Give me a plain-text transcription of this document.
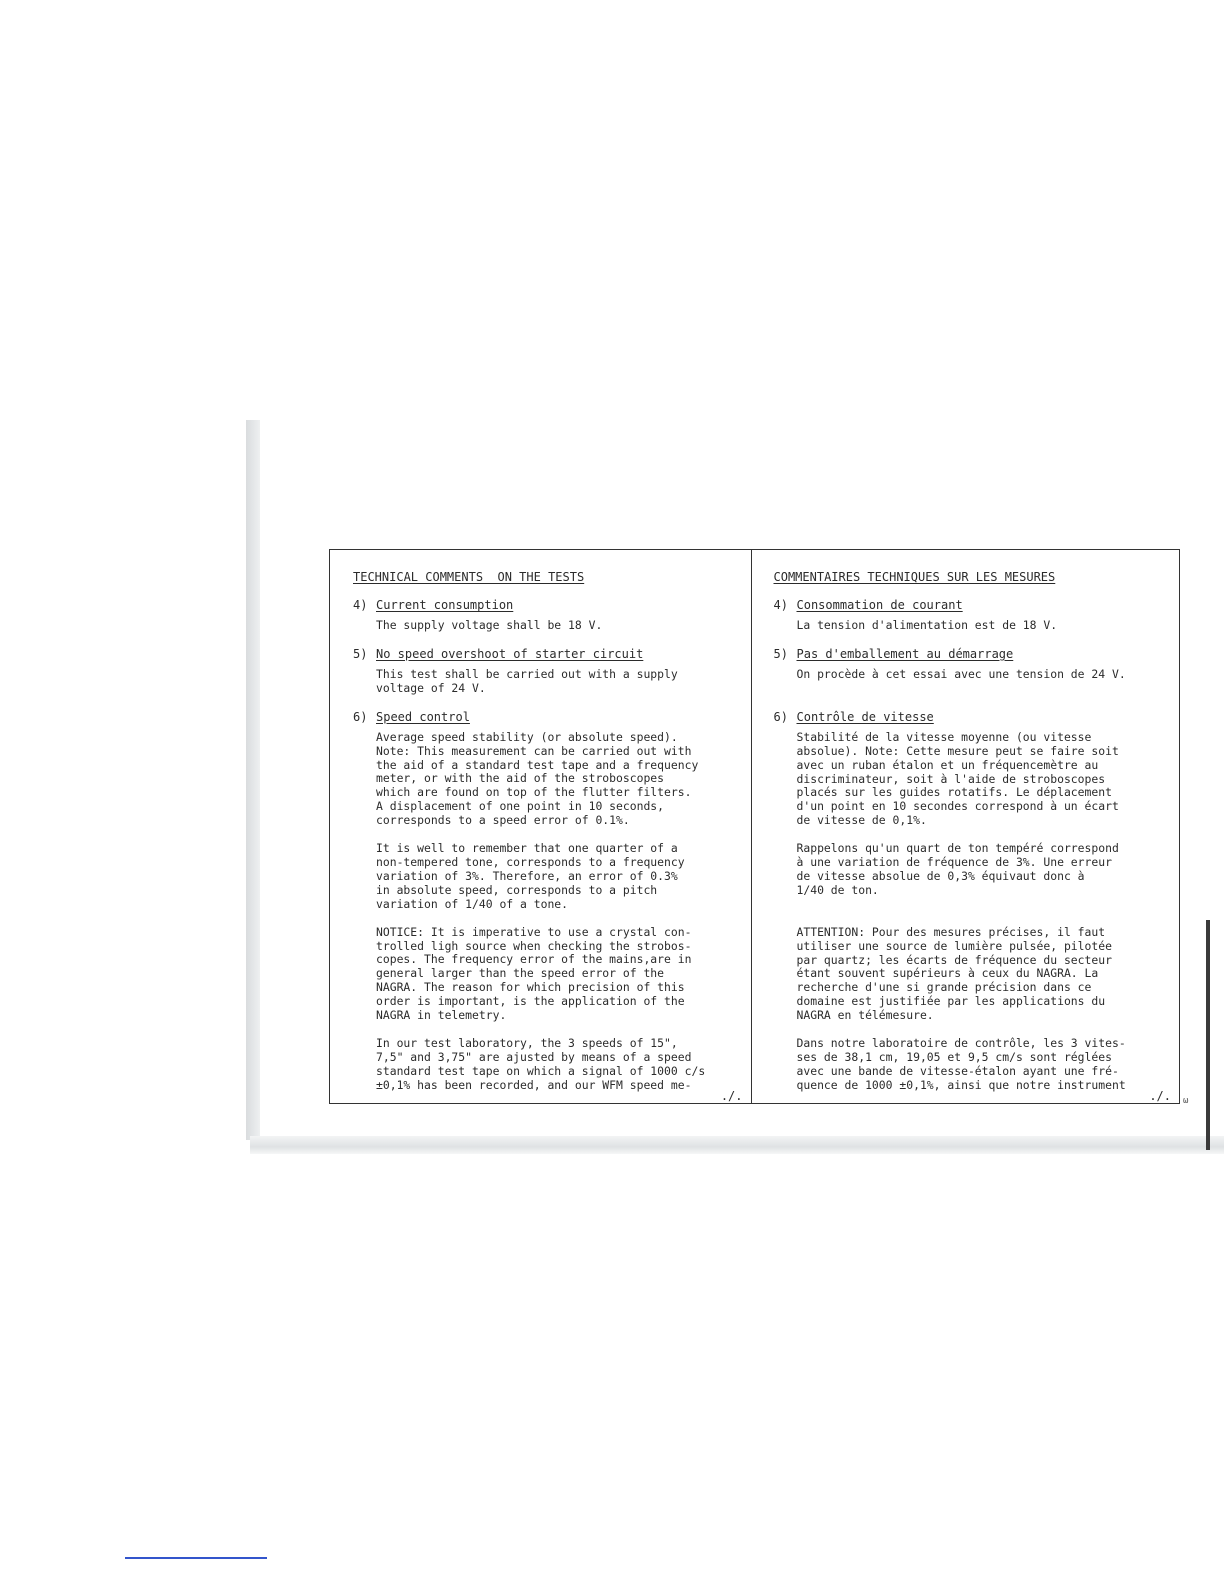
ω
TECHNICAL COMMENTS  ON THE TESTS
4) Current consumption
The supply voltage shall be 18 V.
5) No speed overshoot of starter circuit
This test shall be carried out with a supply
voltage of 24 V.
6) Speed control
Average speed stability (or absolute speed).
Note: This measurement can be carried out with
the aid of a standard test tape and a frequency
meter, or with the aid of the stroboscopes
which are found on top of the flutter filters.
A displacement of one point in 10 seconds,
corresponds to a speed error of 0.1%.
It is well to remember that one quarter of a
non-tempered tone, corresponds to a frequency
variation of 3%. Therefore, an error of 0.3%
in absolute speed, corresponds to a pitch
variation of 1/40 of a tone.
NOTICE: It is imperative to use a crystal con-
trolled ligh source when checking the strobos-
copes. The frequency error of the mains,are in
general larger than the speed error of the
NAGRA. The reason for which precision of this
order is important, is the application of the
NAGRA in telemetry.
In our test laboratory, the 3 speeds of 15",
7,5" and 3,75" are ajusted by means of a speed
standard test tape on which a signal of 1000 c/s
±0,1% has been recorded, and our WFM speed me-
./.
COMMENTAIRES TECHNIQUES SUR LES MESURES
4) Consommation de courant
La tension d'alimentation est de 18 V.
5) Pas d'emballement au démarrage
On procède à cet essai avec une tension de 24 V.
6) Contrôle de vitesse
Stabilité de la vitesse moyenne (ou vitesse
absolue). Note: Cette mesure peut se faire soit
avec un ruban étalon et un fréquencemètre au
discriminateur, soit à l'aide de stroboscopes
placés sur les guides rotatifs. Le déplacement
d'un point en 10 secondes correspond à un écart
de vitesse de 0,1%.
Rappelons qu'un quart de ton tempéré correspond
à une variation de fréquence de 3%. Une erreur
de vitesse absolue de 0,3% équivaut donc à
1/40 de ton.

ATTENTION: Pour des mesures précises, il faut
utiliser une source de lumière pulsée, pilotée
par quartz; les écarts de fréquence du secteur
étant souvent supérieurs à ceux du NAGRA. La
recherche d'une si grande précision dans ce
domaine est justifiée par les applications du
NAGRA en télémesure.
Dans notre laboratoire de contrôle, les 3 vites-
ses de 38,1 cm, 19,05 et 9,5 cm/s sont réglées
avec une bande de vitesse-étalon ayant une fré-
quence de 1000 ±0,1%, ainsi que notre instrument
./.
